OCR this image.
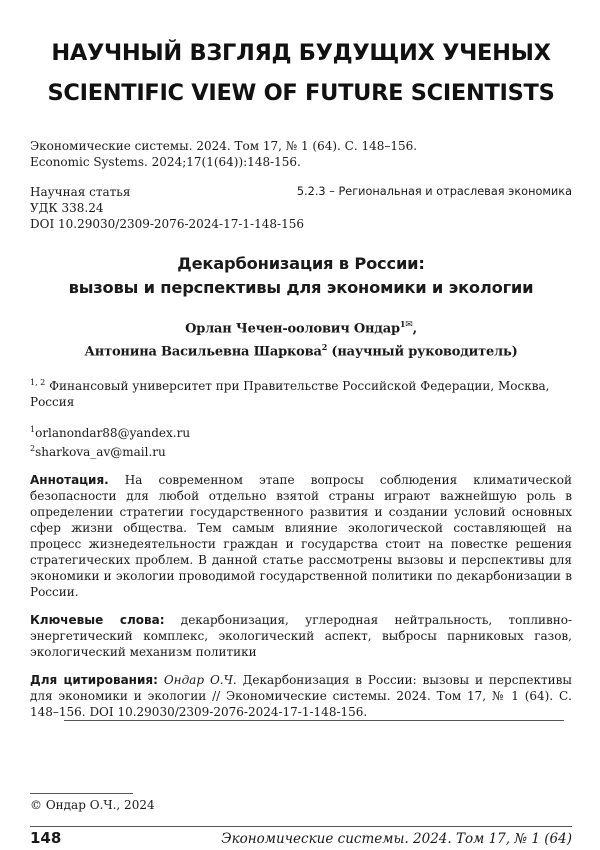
НАУЧНЫЙ ВЗГЛЯД БУДУЩИХ УЧЕНЫХ
SCIENTIFIC VIEW OF FUTURE SCIENTISTS

Экономические системы. 2024. Том 17, № 1 (64). С. 148–156.

Economic Systems. 2024;17(1(64)):148-156.

Научная статья	5.2.3 – Региональная и отраслевая экономика
УДК 338.24
DOI 10.29030/2309-2076-2024-17-1-148-156
Декарбонизация в России:
вызовы и перспективы для экономики и экологии
Орлан Чечен-оолович Ондар$^1$✉,
Антонина Васильевна Шаркова$^2$ (научный руководитель)
$^{1, 2}$ Финансовый университет при Правительстве Российской Федерации, Москва, Россия
$^1$orlanondar88@yandex.ru
$^2$sharkova_av@mail.ru
Аннотация. На современном этапе вопросы соблюдения климатической безопасности для любой отдельно взятой страны играют важнейшую роль в определении стратегии государственного развития и создании условий основных сфер жизни общества. Тем самым влияние экологической составляющей на процесс жизнедеятельности граждан и государства стоит на повестке решения стратегических проблем. В данной статье рассмотрены вызовы и перспективы для экономики и экологии проводимой государственной политики по декарбонизации в России.
Ключевые слова: декарбонизация, углеродная нейтральность, топливно-энергетический комплекс, экологический аспект, выбросы парниковых газов, экологический механизм политики
Для цитирования: Ондар О.Ч. Декарбонизация в России: вызовы и перспективы для экономики и экологии // Экономические системы. 2024. Том 17, № 1 (64). С. 148–156. DOI 10.29030/2309-2076-2024-17-1-148-156.
© Ондар О.Ч., 2024
148	Экономические системы. 2024. Том 17, № 1 (64)
